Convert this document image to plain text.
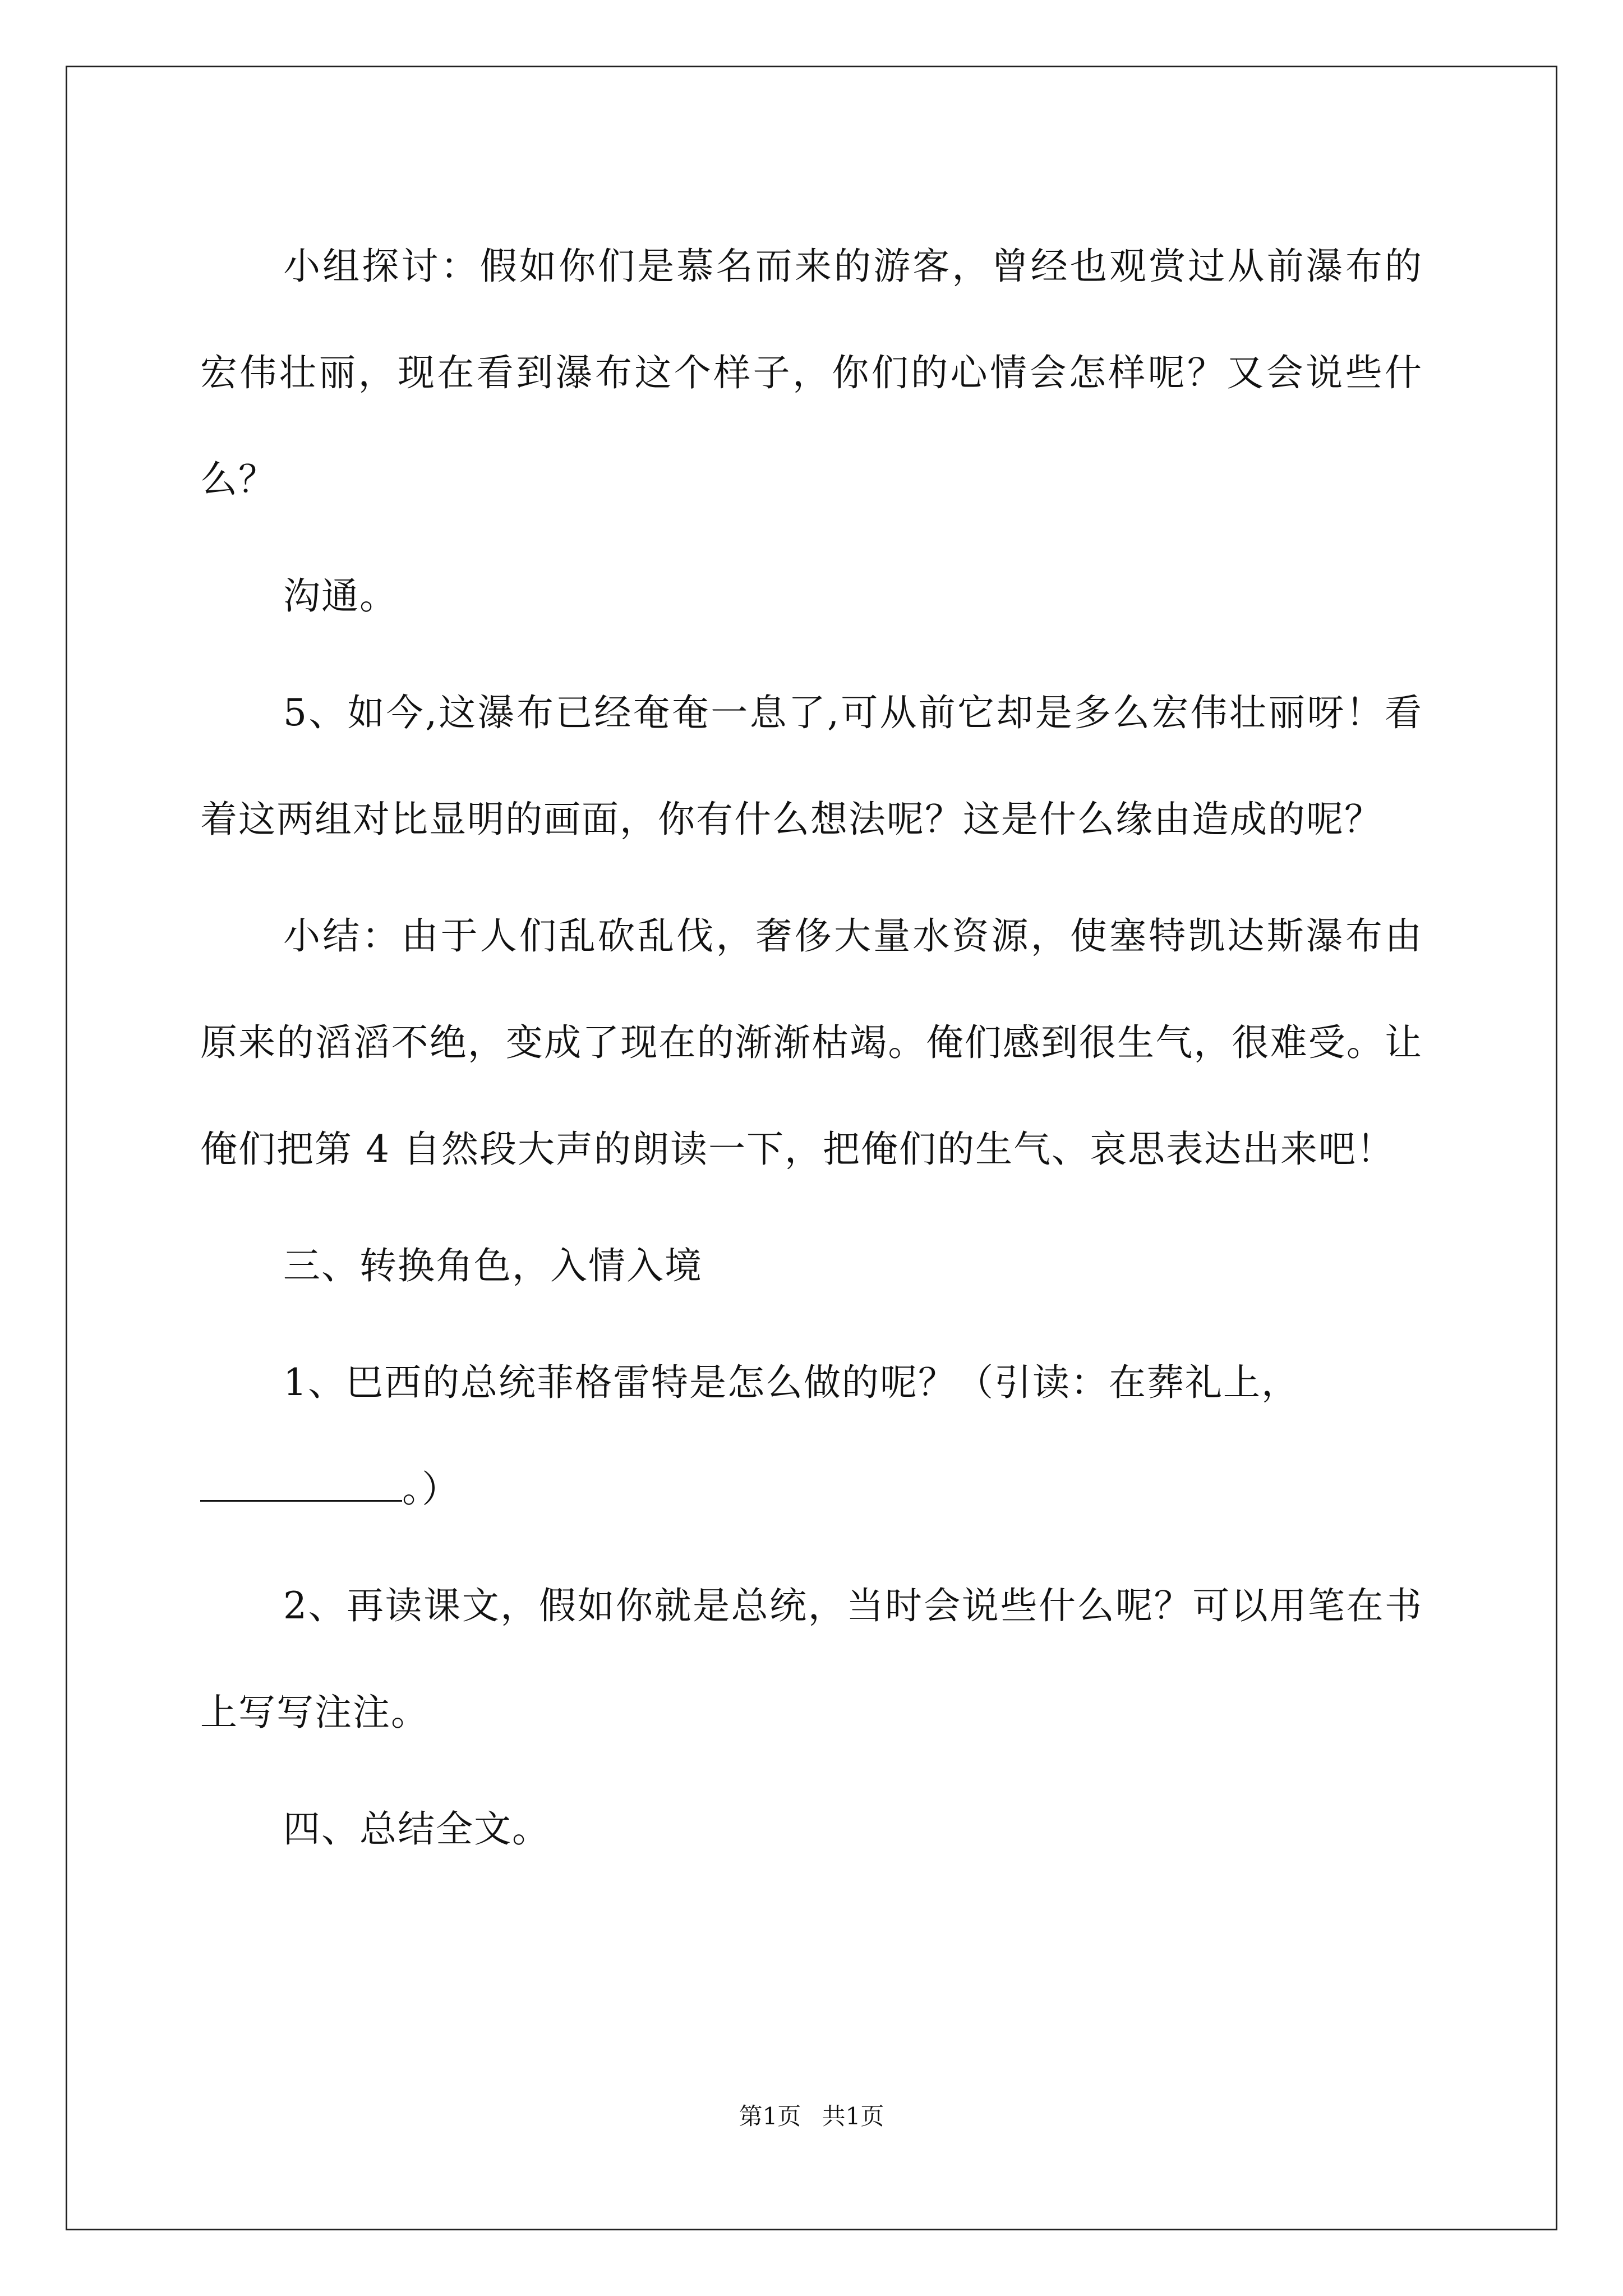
小组探讨：假如你们是慕名而来的游客，曾经也观赏过从前瀑布的宏伟壮丽，现在看到瀑布这个样子，你们的心情会怎样呢？又会说些什么？

沟通。

5、如今,这瀑布已经奄奄一息了,可从前它却是多么宏伟壮丽呀！看着这两组对比显明的画面，你有什么想法呢？这是什么缘由造成的呢？

小结：由于人们乱砍乱伐，奢侈大量水资源，使塞特凯达斯瀑布由原来的滔滔不绝，变成了现在的渐渐枯竭。俺们感到很生气，很难受。让俺们把第 4 自然段大声的朗读一下，把俺们的生气、哀思表达出来吧！

三、转换角色，入情入境

1、巴西的总统菲格雷特是怎么做的呢？（引读：在葬礼上，

。）

2、再读课文，假如你就是总统，当时会说些什么呢？可以用笔在书上写写注注。

四、总结全文。

第1页 共1页
